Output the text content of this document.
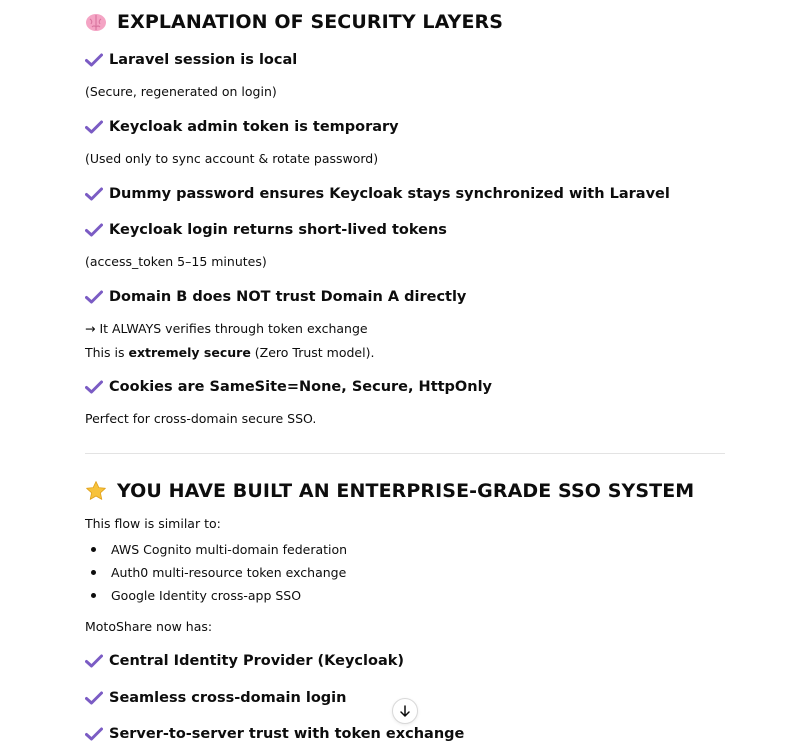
EXPLANATION OF SECURITY LAYERS
Laravel session is local
(Secure, regenerated on login)
Keycloak admin token is temporary
(Used only to sync account & rotate password)
Dummy password ensures Keycloak stays synchronized with Laravel
Keycloak login returns short-lived tokens
(access_token 5–15 minutes)
Domain B does NOT trust Domain A directly
→ It ALWAYS verifies through token exchange
This is extremely secure (Zero Trust model).
Cookies are SameSite=None, Secure, HttpOnly
Perfect for cross-domain secure SSO.
YOU HAVE BUILT AN ENTERPRISE-GRADE SSO SYSTEM
This flow is similar to:
AWS Cognito multi-domain federation
Auth0 multi-resource token exchange
Google Identity cross-app SSO
MotoShare now has:
Central Identity Provider (Keycloak)
Seamless cross-domain login
Server-to-server trust with token exchange
